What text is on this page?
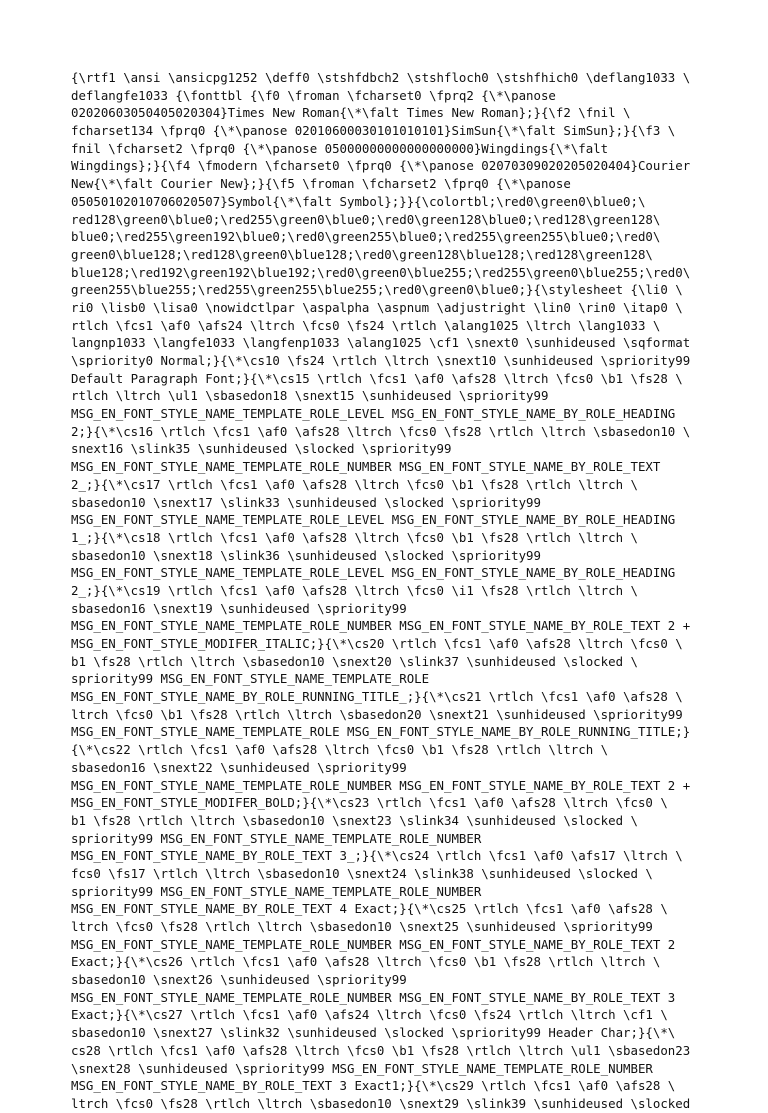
{\rtf1 \ansi \ansicpg1252 \deff0 \stshfdbch2 \stshfloch0 \stshfhich0 \deflang1033 \
deflangfe1033 {\fonttbl {\f0 \froman \fcharset0 \fprq2 {\*\panose
02020603050405020304}Times New Roman{\*\falt Times New Roman};}{\f2 \fnil \
fcharset134 \fprq0 {\*\panose 02010600030101010101}SimSun{\*\falt SimSun};}{\f3 \
fnil \fcharset2 \fprq0 {\*\panose 05000000000000000000}Wingdings{\*\falt
Wingdings};}{\f4 \fmodern \fcharset0 \fprq0 {\*\panose 02070309020205020404}Courier
New{\*\falt Courier New};}{\f5 \froman \fcharset2 \fprq0 {\*\panose
05050102010706020507}Symbol{\*\falt Symbol};}}{\colortbl;\red0\green0\blue0;\
red128\green0\blue0;\red255\green0\blue0;\red0\green128\blue0;\red128\green128\
blue0;\red255\green192\blue0;\red0\green255\blue0;\red255\green255\blue0;\red0\
green0\blue128;\red128\green0\blue128;\red0\green128\blue128;\red128\green128\
blue128;\red192\green192\blue192;\red0\green0\blue255;\red255\green0\blue255;\red0\
green255\blue255;\red255\green255\blue255;\red0\green0\blue0;}{\stylesheet {\li0 \
ri0 \lisb0 \lisa0 \nowidctlpar \aspalpha \aspnum \adjustright \lin0 \rin0 \itap0 \
rtlch \fcs1 \af0 \afs24 \ltrch \fcs0 \fs24 \rtlch \alang1025 \ltrch \lang1033 \
langnp1033 \langfe1033 \langfenp1033 \alang1025 \cf1 \snext0 \sunhideused \sqformat
\spriority0 Normal;}{\*\cs10 \fs24 \rtlch \ltrch \snext10 \sunhideused \spriority99
Default Paragraph Font;}{\*\cs15 \rtlch \fcs1 \af0 \afs28 \ltrch \fcs0 \b1 \fs28 \
rtlch \ltrch \ul1 \sbasedon18 \snext15 \sunhideused \spriority99
MSG_EN_FONT_STYLE_NAME_TEMPLATE_ROLE_LEVEL MSG_EN_FONT_STYLE_NAME_BY_ROLE_HEADING
2;}{\*\cs16 \rtlch \fcs1 \af0 \afs28 \ltrch \fcs0 \fs28 \rtlch \ltrch \sbasedon10 \
snext16 \slink35 \sunhideused \slocked \spriority99
MSG_EN_FONT_STYLE_NAME_TEMPLATE_ROLE_NUMBER MSG_EN_FONT_STYLE_NAME_BY_ROLE_TEXT
2_;}{\*\cs17 \rtlch \fcs1 \af0 \afs28 \ltrch \fcs0 \b1 \fs28 \rtlch \ltrch \
sbasedon10 \snext17 \slink33 \sunhideused \slocked \spriority99
MSG_EN_FONT_STYLE_NAME_TEMPLATE_ROLE_LEVEL MSG_EN_FONT_STYLE_NAME_BY_ROLE_HEADING
1_;}{\*\cs18 \rtlch \fcs1 \af0 \afs28 \ltrch \fcs0 \b1 \fs28 \rtlch \ltrch \
sbasedon10 \snext18 \slink36 \sunhideused \slocked \spriority99
MSG_EN_FONT_STYLE_NAME_TEMPLATE_ROLE_LEVEL MSG_EN_FONT_STYLE_NAME_BY_ROLE_HEADING
2_;}{\*\cs19 \rtlch \fcs1 \af0 \afs28 \ltrch \fcs0 \i1 \fs28 \rtlch \ltrch \
sbasedon16 \snext19 \sunhideused \spriority99
MSG_EN_FONT_STYLE_NAME_TEMPLATE_ROLE_NUMBER MSG_EN_FONT_STYLE_NAME_BY_ROLE_TEXT 2 +
MSG_EN_FONT_STYLE_MODIFER_ITALIC;}{\*\cs20 \rtlch \fcs1 \af0 \afs28 \ltrch \fcs0 \
b1 \fs28 \rtlch \ltrch \sbasedon10 \snext20 \slink37 \sunhideused \slocked \
spriority99 MSG_EN_FONT_STYLE_NAME_TEMPLATE_ROLE
MSG_EN_FONT_STYLE_NAME_BY_ROLE_RUNNING_TITLE_;}{\*\cs21 \rtlch \fcs1 \af0 \afs28 \
ltrch \fcs0 \b1 \fs28 \rtlch \ltrch \sbasedon20 \snext21 \sunhideused \spriority99
MSG_EN_FONT_STYLE_NAME_TEMPLATE_ROLE MSG_EN_FONT_STYLE_NAME_BY_ROLE_RUNNING_TITLE;}
{\*\cs22 \rtlch \fcs1 \af0 \afs28 \ltrch \fcs0 \b1 \fs28 \rtlch \ltrch \
sbasedon16 \snext22 \sunhideused \spriority99
MSG_EN_FONT_STYLE_NAME_TEMPLATE_ROLE_NUMBER MSG_EN_FONT_STYLE_NAME_BY_ROLE_TEXT 2 +
MSG_EN_FONT_STYLE_MODIFER_BOLD;}{\*\cs23 \rtlch \fcs1 \af0 \afs28 \ltrch \fcs0 \
b1 \fs28 \rtlch \ltrch \sbasedon10 \snext23 \slink34 \sunhideused \slocked \
spriority99 MSG_EN_FONT_STYLE_NAME_TEMPLATE_ROLE_NUMBER
MSG_EN_FONT_STYLE_NAME_BY_ROLE_TEXT 3_;}{\*\cs24 \rtlch \fcs1 \af0 \afs17 \ltrch \
fcs0 \fs17 \rtlch \ltrch \sbasedon10 \snext24 \slink38 \sunhideused \slocked \
spriority99 MSG_EN_FONT_STYLE_NAME_TEMPLATE_ROLE_NUMBER
MSG_EN_FONT_STYLE_NAME_BY_ROLE_TEXT 4 Exact;}{\*\cs25 \rtlch \fcs1 \af0 \afs28 \
ltrch \fcs0 \fs28 \rtlch \ltrch \sbasedon10 \snext25 \sunhideused \spriority99
MSG_EN_FONT_STYLE_NAME_TEMPLATE_ROLE_NUMBER MSG_EN_FONT_STYLE_NAME_BY_ROLE_TEXT 2
Exact;}{\*\cs26 \rtlch \fcs1 \af0 \afs28 \ltrch \fcs0 \b1 \fs28 \rtlch \ltrch \
sbasedon10 \snext26 \sunhideused \spriority99
MSG_EN_FONT_STYLE_NAME_TEMPLATE_ROLE_NUMBER MSG_EN_FONT_STYLE_NAME_BY_ROLE_TEXT 3
Exact;}{\*\cs27 \rtlch \fcs1 \af0 \afs24 \ltrch \fcs0 \fs24 \rtlch \ltrch \cf1 \
sbasedon10 \snext27 \slink32 \sunhideused \slocked \spriority99 Header Char;}{\*\
cs28 \rtlch \fcs1 \af0 \afs28 \ltrch \fcs0 \b1 \fs28 \rtlch \ltrch \ul1 \sbasedon23
\snext28 \sunhideused \spriority99 MSG_EN_FONT_STYLE_NAME_TEMPLATE_ROLE_NUMBER
MSG_EN_FONT_STYLE_NAME_BY_ROLE_TEXT 3 Exact1;}{\*\cs29 \rtlch \fcs1 \af0 \afs28 \
ltrch \fcs0 \fs28 \rtlch \ltrch \sbasedon10 \snext29 \slink39 \sunhideused \slocked
